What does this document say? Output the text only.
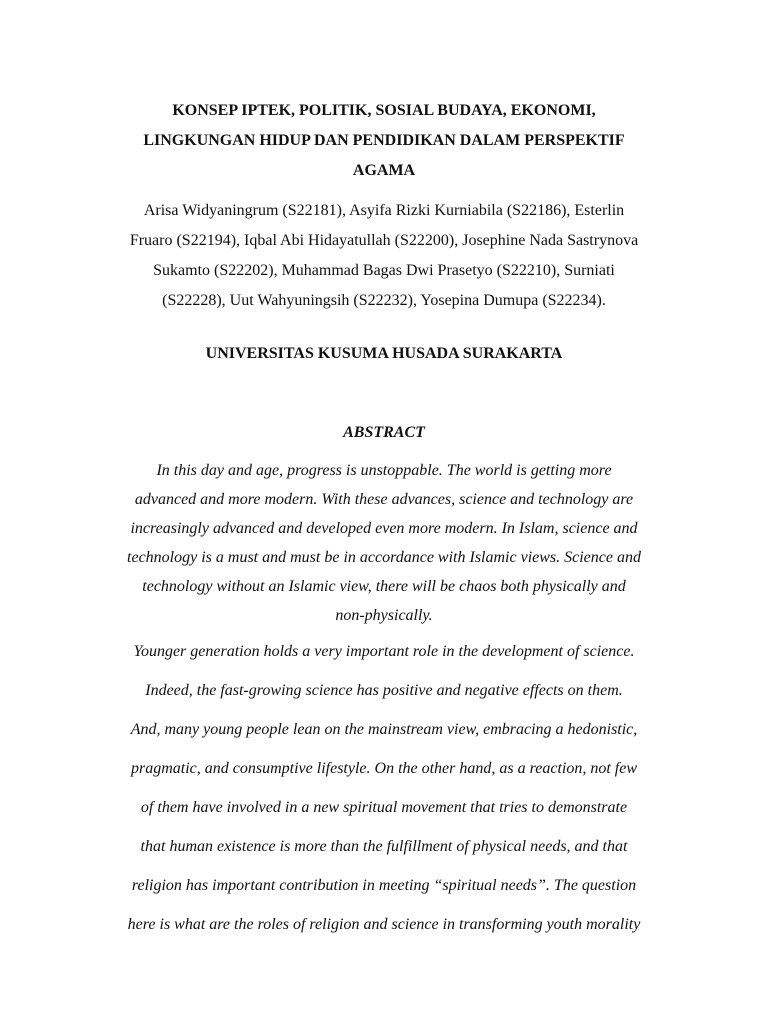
KONSEP IPTEK, POLITIK, SOSIAL BUDAYA, EKONOMI,
LINGKUNGAN HIDUP DAN PENDIDIKAN DALAM PERSPEKTIF
AGAMA
Arisa Widyaningrum (S22181), Asyifa Rizki Kurniabila (S22186), Esterlin
Fruaro (S22194), Iqbal Abi Hidayatullah (S22200), Josephine Nada Sastrynova
Sukamto (S22202), Muhammad Bagas Dwi Prasetyo (S22210), Surniati
(S22228), Uut Wahyuningsih (S22232), Yosepina Dumupa (S22234).
UNIVERSITAS KUSUMA HUSADA SURAKARTA
ABSTRACT
In this day and age, progress is unstoppable. The world is getting more
advanced and more modern. With these advances, science and technology are
increasingly advanced and developed even more modern. In Islam, science and
technology is a must and must be in accordance with Islamic views. Science and
technology without an Islamic view, there will be chaos both physically and
non-physically.
Younger generation holds a very important role in the development of science.
Indeed, the fast-growing science has positive and negative effects on them.
And, many young people lean on the mainstream view, embracing a hedonistic,
pragmatic, and consumptive lifestyle. On the other hand, as a reaction, not few
of them have involved in a new spiritual movement that tries to demonstrate
that human existence is more than the fulfillment of physical needs, and that
religion has important contribution in meeting “spiritual needs”. The question
here is what are the roles of religion and science in transforming youth morality
